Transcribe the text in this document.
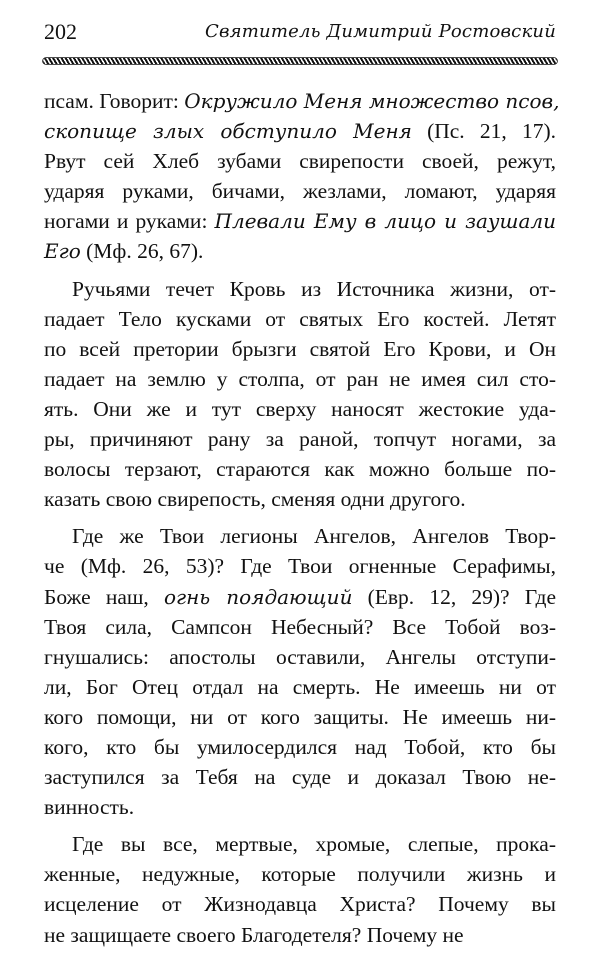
202	Святитель Димитрий Ростовский
псам. Говорит: Окружило Меня множество псов,
скопище злых обступило Меня (Пс. 21, 17).
Рвут сей Хлеб зубами свирепости своей, режут,
ударяя руками, бичами, жезлами, ломают, ударяя
ногами и руками: Плевали Ему в лицо и заушали
Его (Мф. 26, 67).
Ручьями течет Кровь из Источника жизни, от-
падает Тело кусками от святых Его костей. Летят
по всей претории брызги святой Его Крови, и Он
падает на землю у столпа, от ран не имея сил сто-
ять. Они же и тут сверху наносят жестокие уда-
ры, причиняют рану за раной, топчут ногами, за
волосы терзают, стараются как можно больше по-
казать свою свирепость, сменяя одни другого.
Где же Твои легионы Ангелов, Ангелов Твор-
че (Мф. 26, 53)? Где Твои огненные Серафимы,
Боже наш, огнь поядающий (Евр. 12, 29)? Где
Твоя сила, Сампсон Небесный? Все Тобой воз-
гнушались: апостолы оставили, Ангелы отступи-
ли, Бог Отец отдал на смерть. Не имеешь ни от
кого помощи, ни от кого защиты. Не имеешь ни-
кого, кто бы умилосердился над Тобой, кто бы
заступился за Тебя на суде и доказал Твою не-
винность.
Где вы все, мертвые, хромые, слепые, прока-
женные, недужные, которые получили жизнь и
исцеление от Жизнодавца Христа? Почему вы
не защищаете своего Благодетеля? Почему не
